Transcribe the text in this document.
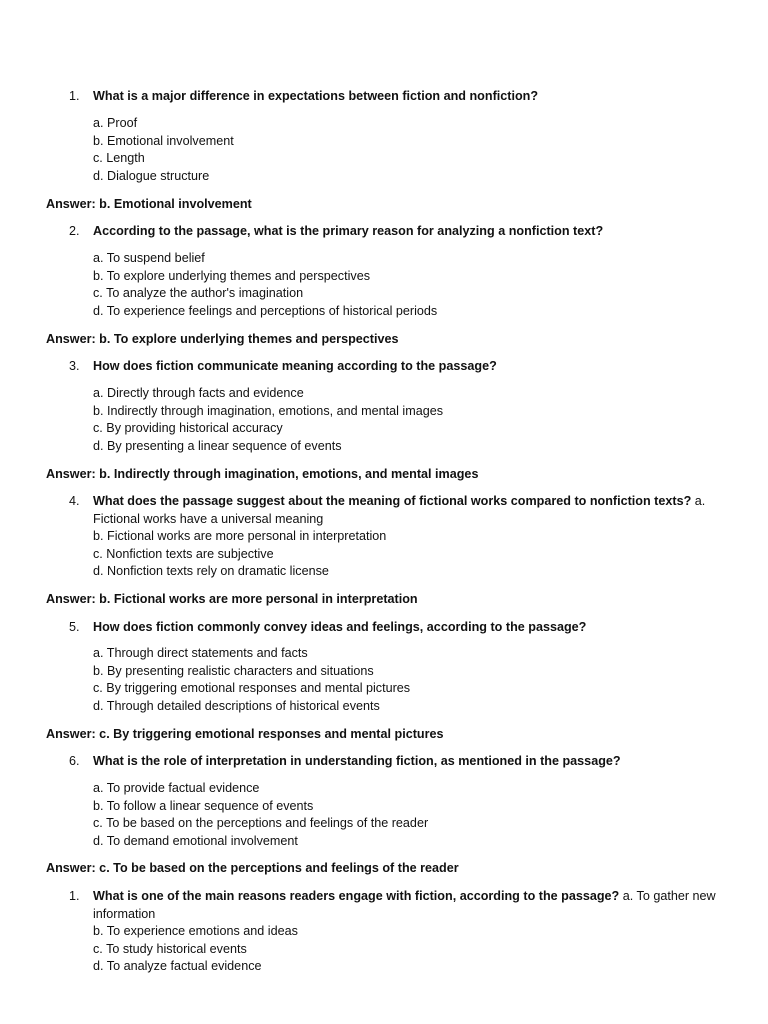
1. What is a major difference in expectations between fiction and nonfiction?
a. Proof
b. Emotional involvement
c. Length
d. Dialogue structure
Answer: b. Emotional involvement
2. According to the passage, what is the primary reason for analyzing a nonfiction text?
a. To suspend belief
b. To explore underlying themes and perspectives
c. To analyze the author's imagination
d. To experience feelings and perceptions of historical periods
Answer: b. To explore underlying themes and perspectives
3. How does fiction communicate meaning according to the passage?
a. Directly through facts and evidence
b. Indirectly through imagination, emotions, and mental images
c. By providing historical accuracy
d. By presenting a linear sequence of events
Answer: b. Indirectly through imagination, emotions, and mental images
4. What does the passage suggest about the meaning of fictional works compared to nonfiction texts? a. Fictional works have a universal meaning
b. Fictional works are more personal in interpretation
c. Nonfiction texts are subjective
d. Nonfiction texts rely on dramatic license
Answer: b. Fictional works are more personal in interpretation
5. How does fiction commonly convey ideas and feelings, according to the passage?
a. Through direct statements and facts
b. By presenting realistic characters and situations
c. By triggering emotional responses and mental pictures
d. Through detailed descriptions of historical events
Answer: c. By triggering emotional responses and mental pictures
6. What is the role of interpretation in understanding fiction, as mentioned in the passage?
a. To provide factual evidence
b. To follow a linear sequence of events
c. To be based on the perceptions and feelings of the reader
d. To demand emotional involvement
Answer: c. To be based on the perceptions and feelings of the reader
1. What is one of the main reasons readers engage with fiction, according to the passage? a. To gather new information
b. To experience emotions and ideas
c. To study historical events
d. To analyze factual evidence
